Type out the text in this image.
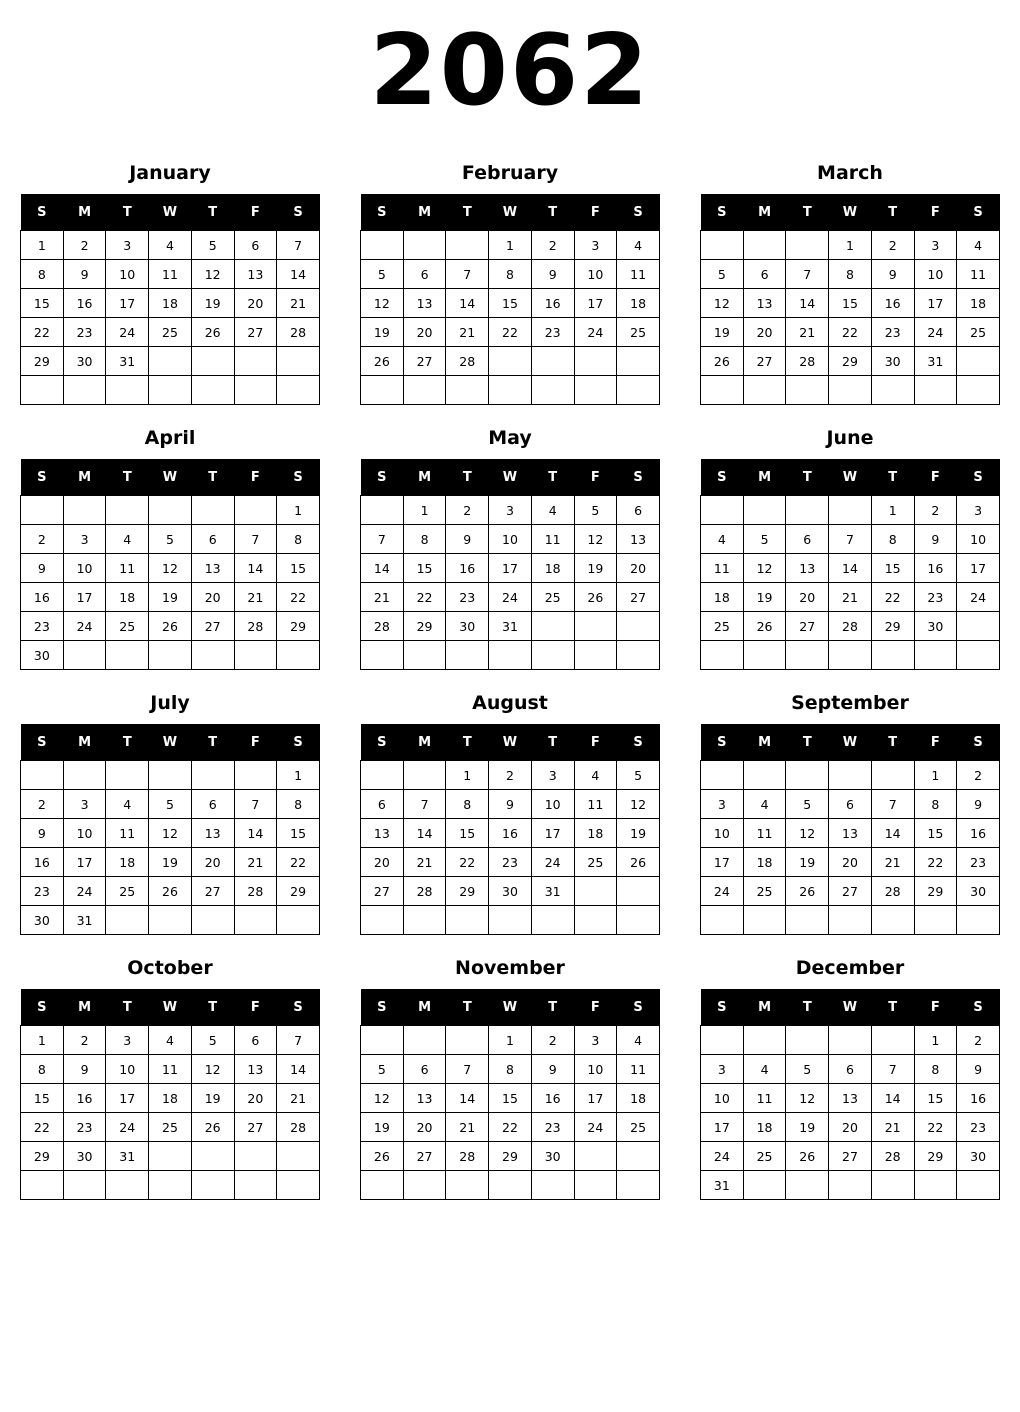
2062
January
S	M	T	W	T	F	S
1	2	3	4	5	6	7
8	9	10	11	12	13	14
15	16	17	18	19	20	21
22	23	24	25	26	27	28
29	30	31				

February
S	M	T	W	T	F	S
			1	2	3	4
5	6	7	8	9	10	11
12	13	14	15	16	17	18
19	20	21	22	23	24	25
26	27	28				

March
S	M	T	W	T	F	S
			1	2	3	4
5	6	7	8	9	10	11
12	13	14	15	16	17	18
19	20	21	22	23	24	25
26	27	28	29	30	31	

April
S	M	T	W	T	F	S
						1
2	3	4	5	6	7	8
9	10	11	12	13	14	15
16	17	18	19	20	21	22
23	24	25	26	27	28	29
30						
May
S	M	T	W	T	F	S
	1	2	3	4	5	6
7	8	9	10	11	12	13
14	15	16	17	18	19	20
21	22	23	24	25	26	27
28	29	30	31			

June
S	M	T	W	T	F	S
				1	2	3
4	5	6	7	8	9	10
11	12	13	14	15	16	17
18	19	20	21	22	23	24
25	26	27	28	29	30	

July
S	M	T	W	T	F	S
						1
2	3	4	5	6	7	8
9	10	11	12	13	14	15
16	17	18	19	20	21	22
23	24	25	26	27	28	29
30	31					
August
S	M	T	W	T	F	S
		1	2	3	4	5
6	7	8	9	10	11	12
13	14	15	16	17	18	19
20	21	22	23	24	25	26
27	28	29	30	31		

September
S	M	T	W	T	F	S
					1	2
3	4	5	6	7	8	9
10	11	12	13	14	15	16
17	18	19	20	21	22	23
24	25	26	27	28	29	30

October
S	M	T	W	T	F	S
1	2	3	4	5	6	7
8	9	10	11	12	13	14
15	16	17	18	19	20	21
22	23	24	25	26	27	28
29	30	31				

November
S	M	T	W	T	F	S
			1	2	3	4
5	6	7	8	9	10	11
12	13	14	15	16	17	18
19	20	21	22	23	24	25
26	27	28	29	30		

December
S	M	T	W	T	F	S
					1	2
3	4	5	6	7	8	9
10	11	12	13	14	15	16
17	18	19	20	21	22	23
24	25	26	27	28	29	30
31						
